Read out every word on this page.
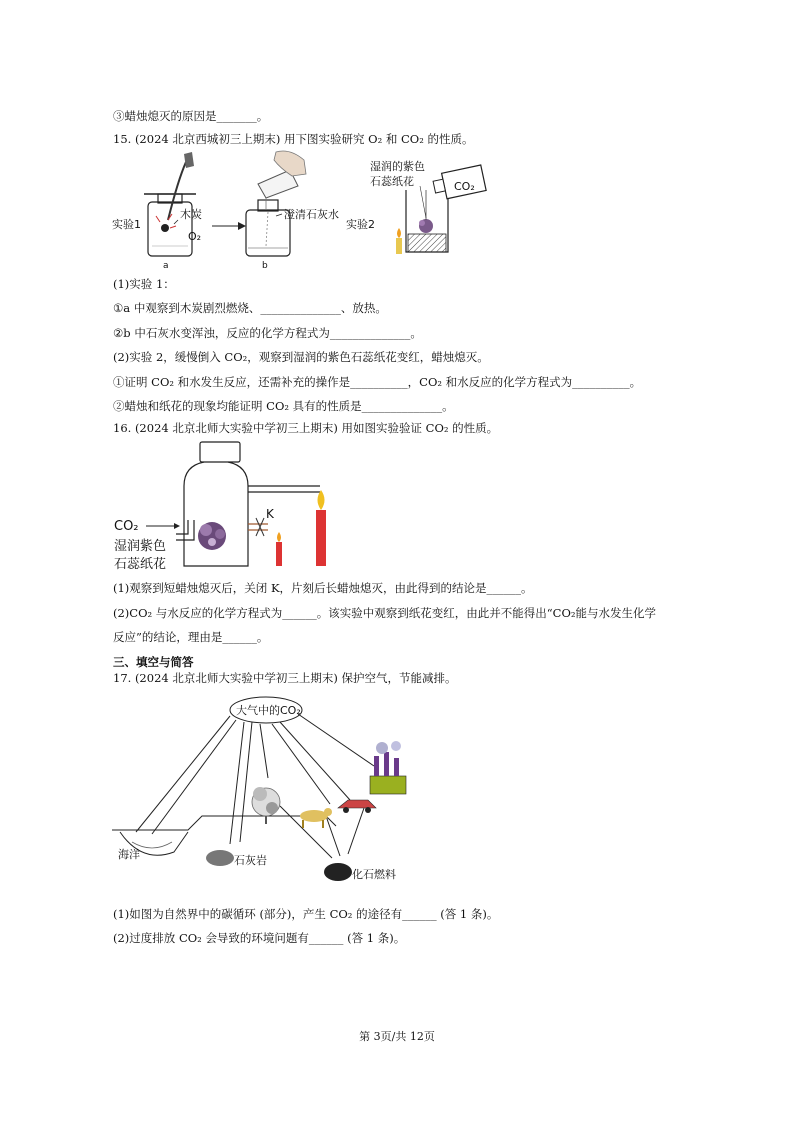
③蜡烛熄灭的原因是_______。
15. (2024 北京西城初三上期末) 用下图实验研究 O₂ 和 CO₂ 的性质。
实验1
木炭
O₂
a	b
澄清石灰水
实验2
湿润的紫色
石蕊纸花	CO₂
(1)实验 1：
①a 中观察到木炭剧烈燃烧、______________、放热。
②b 中石灰水变浑浊，反应的化学方程式为______________。
(2)实验 2，缓慢倒入 CO₂，观察到湿润的紫色石蕊纸花变红，蜡烛熄灭。
①证明 CO₂ 和水发生反应，还需补充的操作是__________，CO₂ 和水反应的化学方程式为__________。
②蜡烛和纸花的现象均能证明 CO₂ 具有的性质是______________。
16. (2024 北京北师大实验中学初三上期末) 用如图实验验证 CO₂ 的性质。
CO₂
湿润紫色
石蕊纸花
K
(1)观察到短蜡烛熄灭后，关闭 K，片刻后长蜡烛熄灭，由此得到的结论是______。
(2)CO₂ 与水反应的化学方程式为______。该实验中观察到纸花变红，由此并不能得出“CO₂能与水发生化学
反应”的结论，理由是______。
三、填空与简答
17. (2024 北京北师大实验中学初三上期末) 保护空气，节能减排。
大气中的CO₂
石灰岩
化石燃料
海洋
(1)如图为自然界中的碳循环 (部分)，产生 CO₂ 的途径有______ (答 1 条)。
(2)过度排放 CO₂ 会导致的环境问题有______ (答 1 条)。
第 3页/共 12页
